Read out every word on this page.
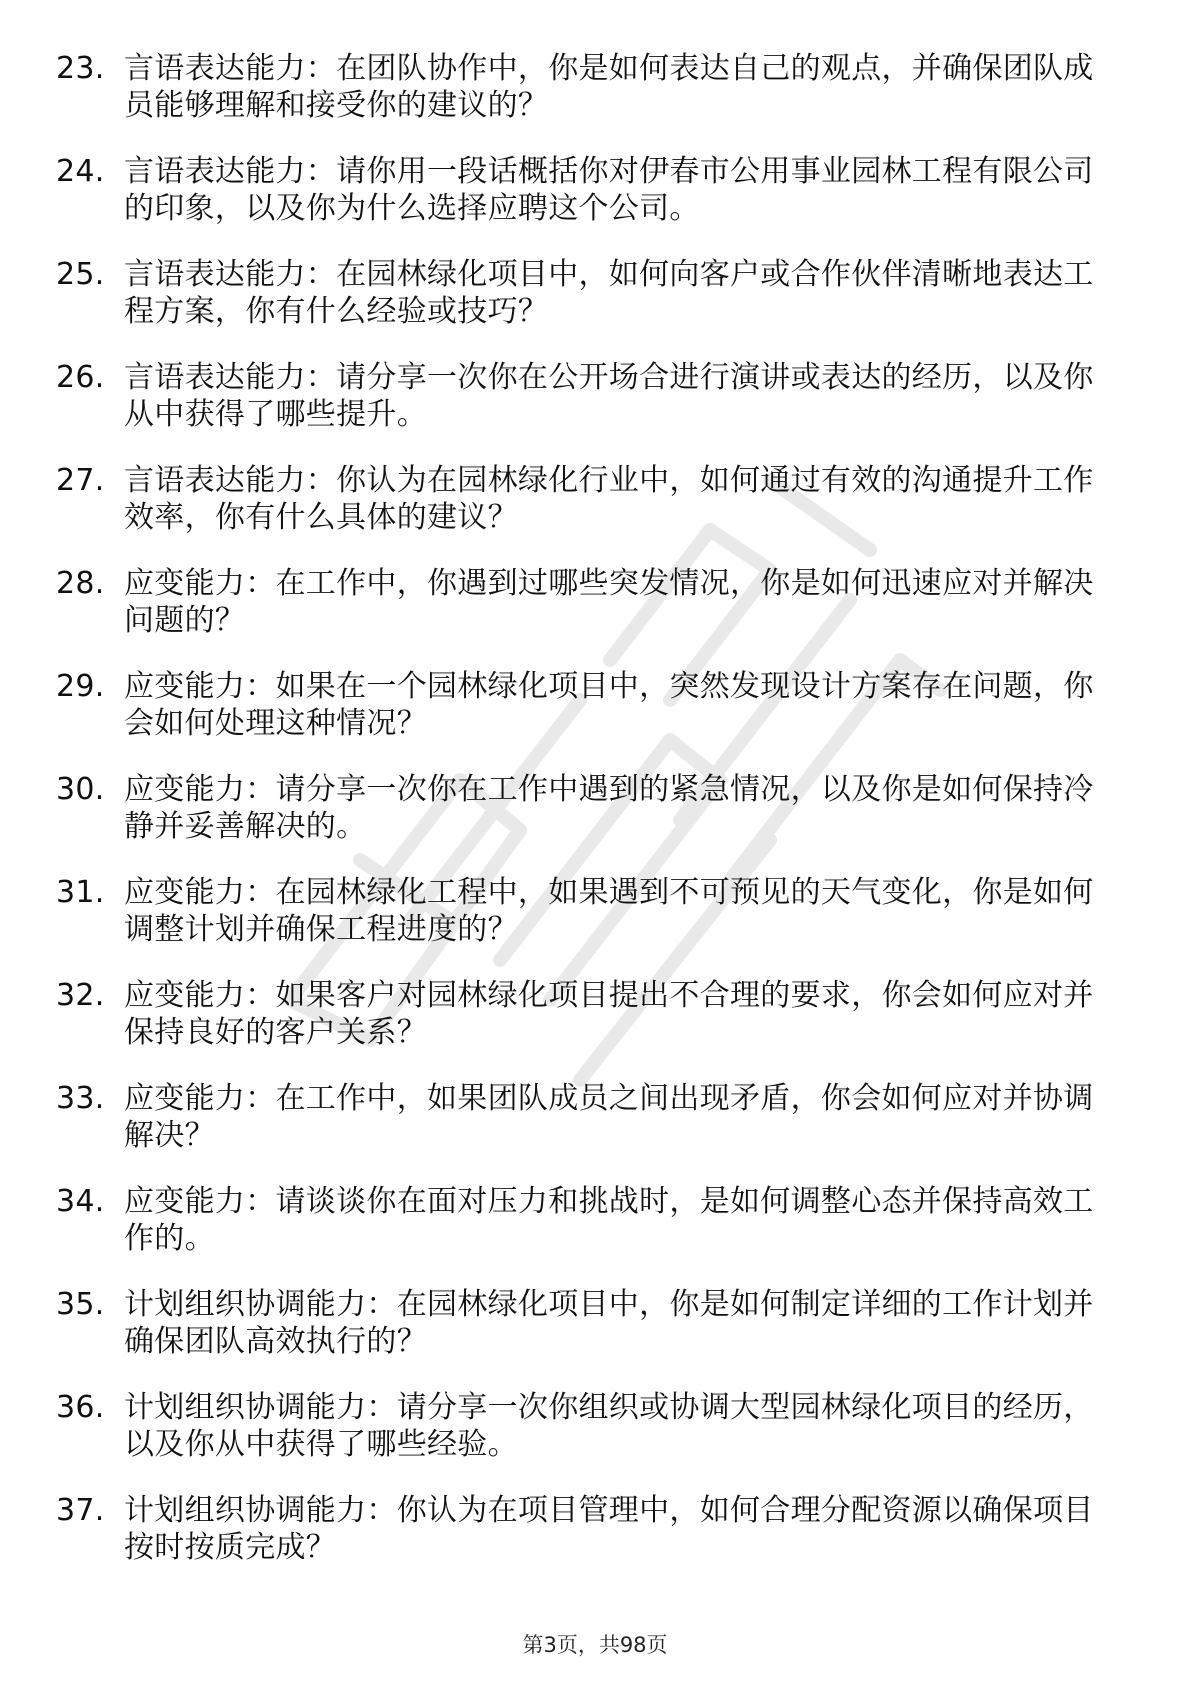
23. 言语表达能力：在团队协作中，你是如何表达自己的观点，并确保团队成员能够理解和接受你的建议的？
24. 言语表达能力：请你用一段话概括你对伊春市公用事业园林工程有限公司的印象，以及你为什么选择应聘这个公司。
25. 言语表达能力：在园林绿化项目中，如何向客户或合作伙伴清晰地表达工程方案，你有什么经验或技巧？
26. 言语表达能力：请分享一次你在公开场合进行演讲或表达的经历，以及你从中获得了哪些提升。
27. 言语表达能力：你认为在园林绿化行业中，如何通过有效的沟通提升工作效率，你有什么具体的建议？
28. 应变能力：在工作中，你遇到过哪些突发情况，你是如何迅速应对并解决问题的？
29. 应变能力：如果在一个园林绿化项目中，突然发现设计方案存在问题，你会如何处理这种情况？
30. 应变能力：请分享一次你在工作中遇到的紧急情况，以及你是如何保持冷静并妥善解决的。
31. 应变能力：在园林绿化工程中，如果遇到不可预见的天气变化，你是如何调整计划并确保工程进度的？
32. 应变能力：如果客户对园林绿化项目提出不合理的要求，你会如何应对并保持良好的客户关系？
33. 应变能力：在工作中，如果团队成员之间出现矛盾，你会如何应对并协调解决？
34. 应变能力：请谈谈你在面对压力和挑战时，是如何调整心态并保持高效工作的。
35. 计划组织协调能力：在园林绿化项目中，你是如何制定详细的工作计划并确保团队高效执行的？
36. 计划组织协调能力：请分享一次你组织或协调大型园林绿化项目的经历，以及你从中获得了哪些经验。
37. 计划组织协调能力：你认为在项目管理中，如何合理分配资源以确保项目按时按质完成？
第3页，共98页
